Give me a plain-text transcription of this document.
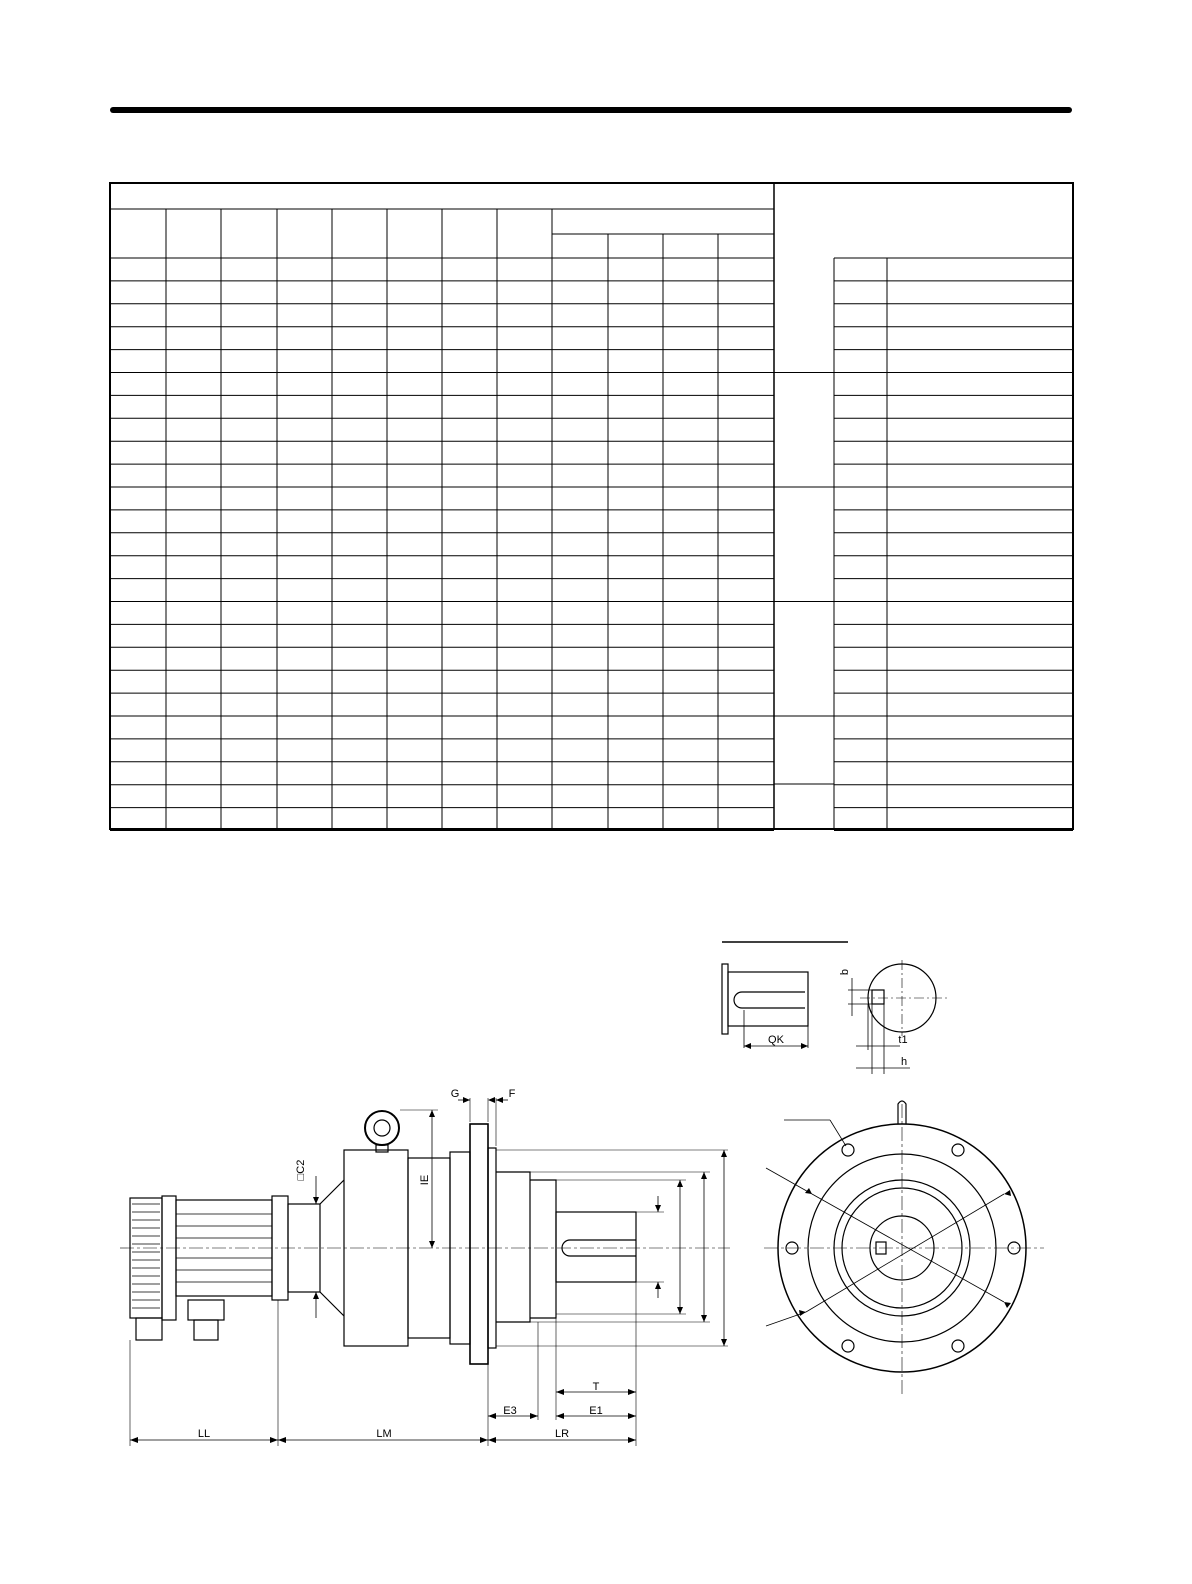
G	F
□C2	IE
T
E3	E1
LL	LM	LR
QK
b
t1
h
